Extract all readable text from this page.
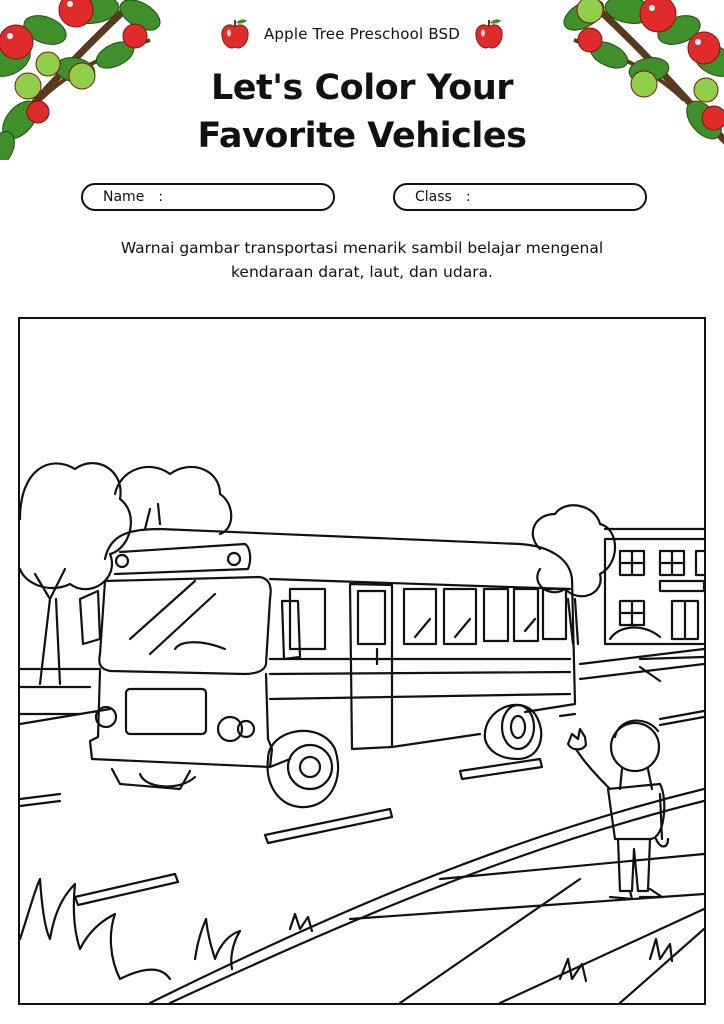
Apple Tree Preschool BSD
Let's Color Your
Favorite Vehicles
Name :	Class :
Warnai gambar transportasi menarik sambil belajar mengenal
kendaraan darat, laut, dan udara.
